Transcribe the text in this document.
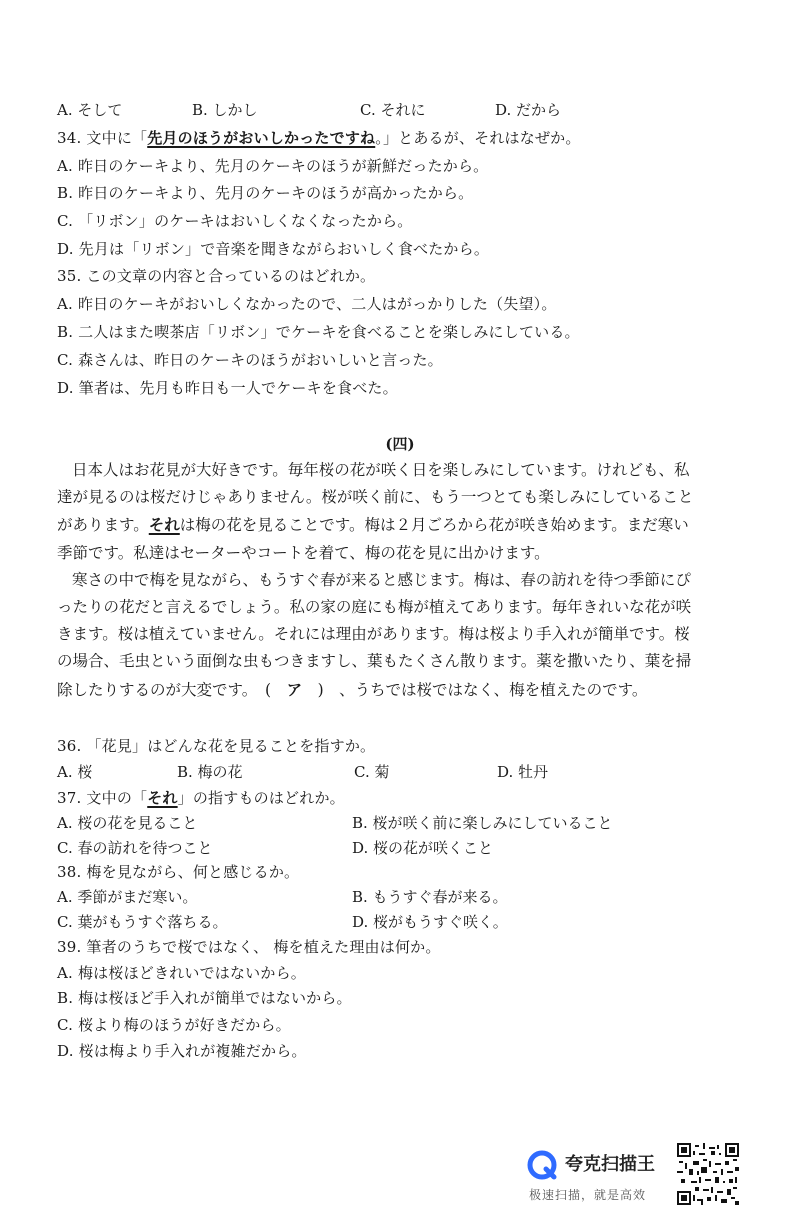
A. そして	B. しかし	C. それに	D. だから
34. 文中に「先月のほうがおいしかったですね。」とあるが、それはなぜか。
A. 昨日のケーキより、先月のケーキのほうが新鮮だったから。
B. 昨日のケーキより、先月のケーキのほうが高かったから。
C. 「リボン」のケーキはおいしくなくなったから。
D. 先月は「リボン」で音楽を聞きながらおいしく食べたから。
35. この文章の内容と合っているのはどれか。
A. 昨日のケーキがおいしくなかったので、二人はがっかりした（失望）。
B. 二人はまた喫茶店「リボン」でケーキを食べることを楽しみにしている。
C. 森さんは、昨日のケーキのほうがおいしいと言った。
D. 筆者は、先月も昨日も一人でケーキを食べた。
(四)
日本人はお花見が大好きです。毎年桜の花が咲く日を楽しみにしています。けれども、私
達が見るのは桜だけじゃありません。桜が咲く前に、もう一つとても楽しみにしていること
があります。それは梅の花を見ることです。梅は２月ごろから花が咲き始めます。まだ寒い
季節です。私達はセーターやコートを着て、梅の花を見に出かけます。
寒さの中で梅を見ながら、もうすぐ春が来ると感じます。梅は、春の訪れを待つ季節にぴ
ったりの花だと言えるでしょう。私の家の庭にも梅が植えてあります。毎年きれいな花が咲
きます。桜は植えていません。それには理由があります。梅は桜より手入れが簡単です。桜
の場合、毛虫という面倒な虫もつきますし、葉もたくさん散ります。薬を撒いたり、葉を掃
除したりするのが大変です。　(　ア　)　、うちでは桜ではなく、梅を植えたのです。
36. 「花見」はどんな花を見ることを指すか。
A. 桜	B. 梅の花	C. 菊	D. 牡丹
37. 文中の「それ」の指すものはどれか。
A. 桜の花を見ること	B. 桜が咲く前に楽しみにしていること
C. 春の訪れを待つこと	D. 桜の花が咲くこと
38. 梅を見ながら、何と感じるか。
A. 季節がまだ寒い。	B. もうすぐ春が来る。
C. 葉がもうすぐ落ちる。	D. 桜がもうすぐ咲く。
39. 筆者のうちで桜ではなく、 梅を植えた理由は何か。
A. 梅は桜ほどきれいではないから。
B. 梅は桜ほど手入れが簡単ではないから。
C. 桜より梅のほうが好きだから。
D. 桜は梅より手入れが複雑だから。
夸克扫描王
极速扫描，就是高效
